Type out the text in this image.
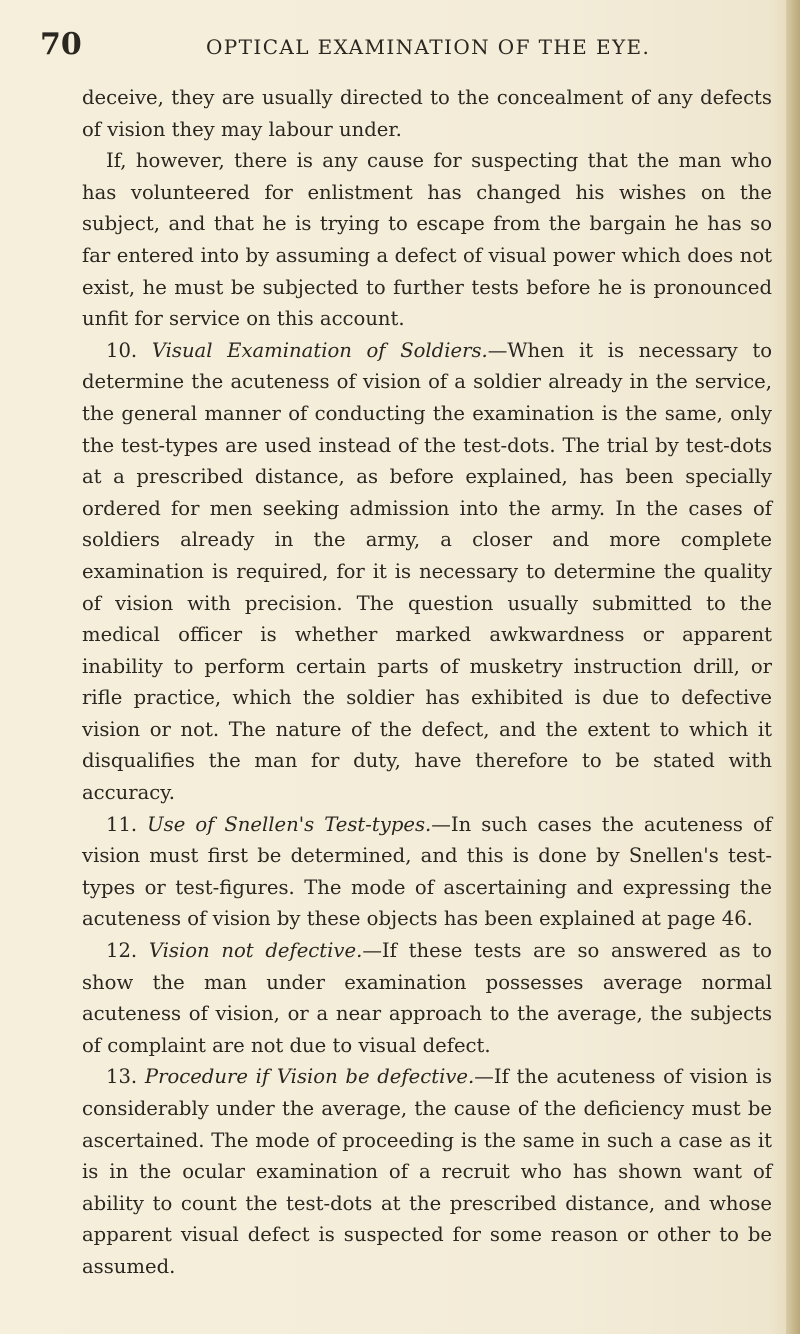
70	OPTICAL EXAMINATION OF THE EYE.

deceive, they are usually directed to the concealment of any defects of vision they may labour under.

If, however, there is any cause for suspecting that the man who has volunteered for enlistment has changed his wishes on the subject, and that he is trying to escape from the bargain he has so far entered into by assuming a defect of visual power which does not exist, he must be subjected to further tests before he is pronounced unfit for service on this account.

10. Visual Examination of Soldiers.—When it is necessary to determine the acuteness of vision of a soldier already in the service, the general manner of conducting the examination is the same, only the test-types are used instead of the test-dots. The trial by test-dots at a prescribed distance, as before explained, has been specially ordered for men seeking admission into the army. In the cases of soldiers already in the army, a closer and more complete examination is required, for it is necessary to determine the quality of vision with precision. The question usually submitted to the medical officer is whether marked awkwardness or apparent inability to perform certain parts of musketry instruction drill, or rifle practice, which the soldier has exhibited is due to defective vision or not. The nature of the defect, and the extent to which it disqualifies the man for duty, have therefore to be stated with accuracy.

11. Use of Snellen's Test-types.—In such cases the acuteness of vision must first be determined, and this is done by Snellen's test-types or test-figures. The mode of ascertaining and expressing the acuteness of vision by these objects has been explained at page 46.

12. Vision not defective.—If these tests are so answered as to show the man under examination possesses average normal acuteness of vision, or a near approach to the average, the subjects of complaint are not due to visual defect.

13. Procedure if Vision be defective.—If the acuteness of vision is considerably under the average, the cause of the deficiency must be ascertained. The mode of proceeding is the same in such a case as it is in the ocular examination of a recruit who has shown want of ability to count the test-dots at the prescribed distance, and whose apparent visual defect is suspected for some reason or other to be assumed.
